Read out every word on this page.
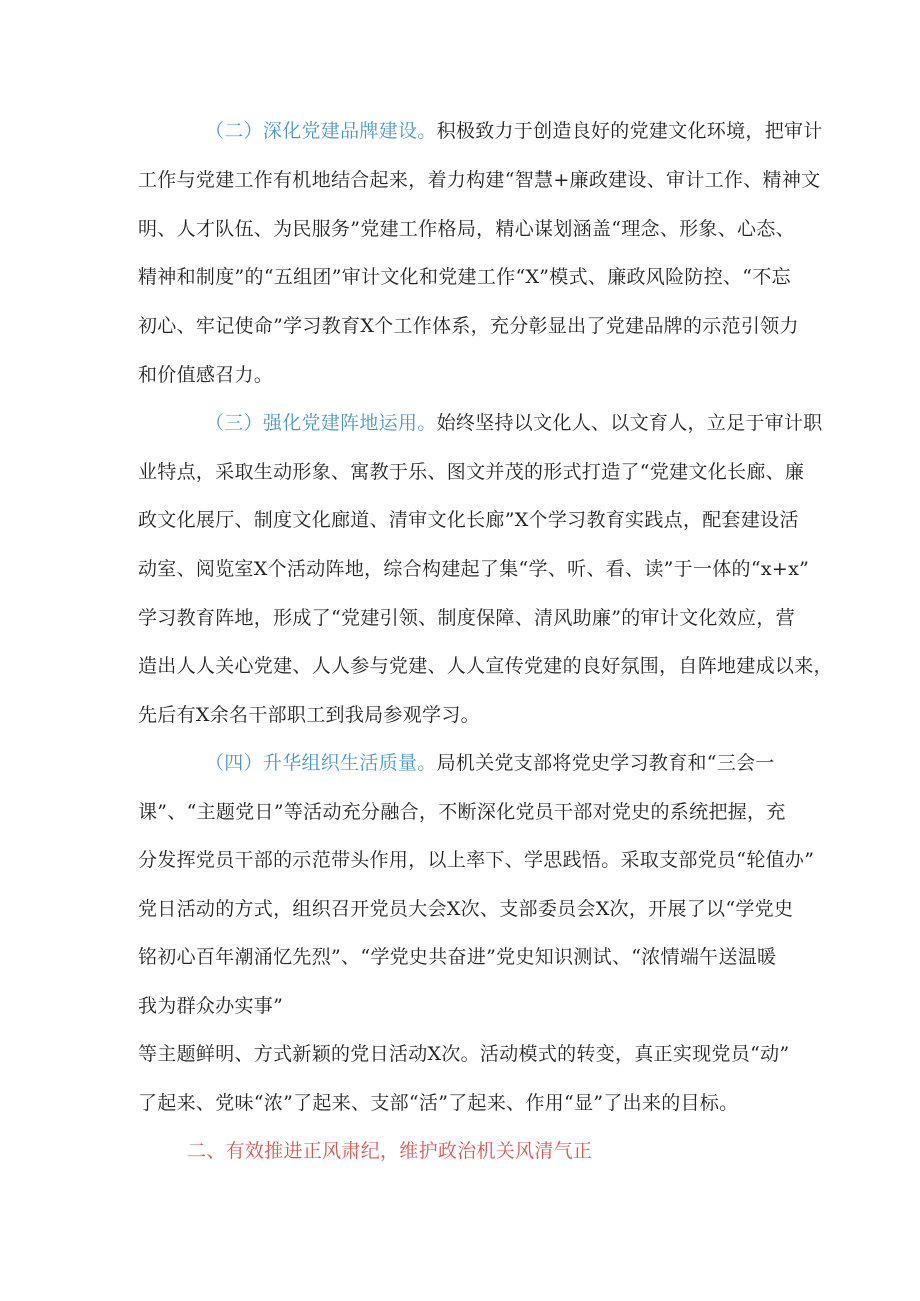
（二）深化党建品牌建设。积极致力于创造良好的党建文化环境，把审计
工作与党建工作有机地结合起来，着力构建“智慧+廉政建设、审计工作、精神文
明、人才队伍、为民服务”党建工作格局，精心谋划涵盖“理念、形象、心态、
精神和制度”的“五组团”审计文化和党建工作“X”模式、廉政风险防控、“不忘
初心、牢记使命”学习教育X个工作体系，充分彰显出了党建品牌的示范引领力
和价值感召力。
（三）强化党建阵地运用。始终坚持以文化人、以文育人，立足于审计职
业特点，采取生动形象、寓教于乐、图文并茂的形式打造了“党建文化长廊、廉
政文化展厅、制度文化廊道、清审文化长廊”X个学习教育实践点，配套建设活
动室、阅览室X个活动阵地，综合构建起了集“学、听、看、读”于一体的“x+x”
学习教育阵地，形成了“党建引领、制度保障、清风助廉”的审计文化效应，营
造出人人关心党建、人人参与党建、人人宣传党建的良好氛围，自阵地建成以来，
先后有X余名干部职工到我局参观学习。
（四）升华组织生活质量。局机关党支部将党史学习教育和“三会一
课”、“主题党日”等活动充分融合，不断深化党员干部对党史的系统把握，充
分发挥党员干部的示范带头作用，以上率下、学思践悟。采取支部党员“轮值办”
党日活动的方式，组织召开党员大会X次、支部委员会X次，开展了以“学党史
铭初心百年潮涌忆先烈”、“学党史共奋进”党史知识测试、“浓情端午送温暖
我为群众办实事”
等主题鲜明、方式新颖的党日活动X次。活动模式的转变，真正实现党员“动”
了起来、党味“浓”了起来、支部“活”了起来、作用“显”了出来的目标。
二、有效推进正风肃纪，维护政治机关风清气正
